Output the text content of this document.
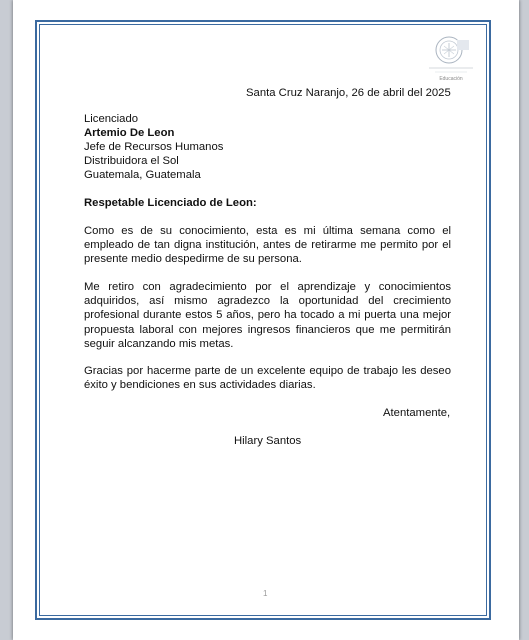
Educación
Santa Cruz Naranjo, 26 de abril del 2025
Licenciado
Artemio De Leon
Jefe de Recursos Humanos
Distribuidora el Sol
Guatemala, Guatemala
Respetable Licenciado de Leon:
Como es de su conocimiento, esta es mi última semana como el empleado de tan digna institución, antes de retirarme me permito por el presente medio despedirme de su persona.
Me retiro con agradecimiento por el aprendizaje y conocimientos adquiridos, así mismo agradezco la oportunidad del crecimiento profesional durante estos 5 años, pero ha tocado a mi puerta una mejor propuesta laboral con mejores ingresos financieros que me permitirán seguir alcanzando mis metas.
Gracias por hacerme parte de un excelente equipo de trabajo les deseo éxito y bendiciones en sus actividades diarias.
Atentamente,
Hilary Santos
1
